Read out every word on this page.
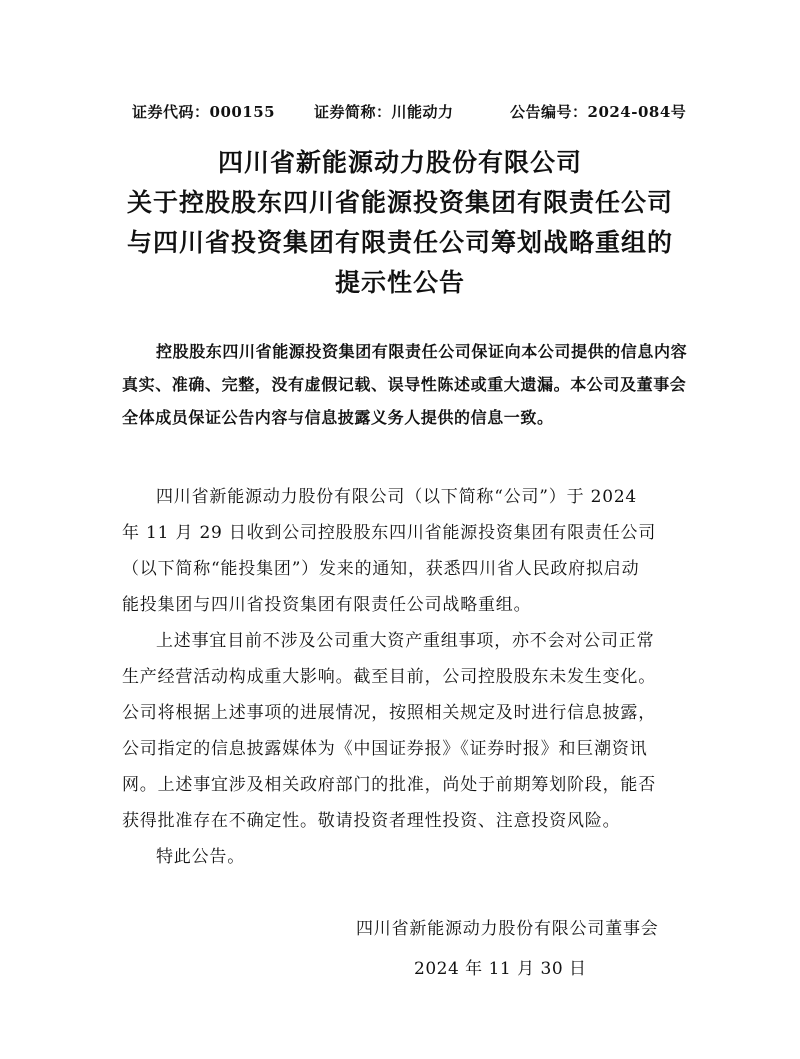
证券代码：000155	证券简称：川能动力	公告编号：2024-084号
四川省新能源动力股份有限公司
关于控股股东四川省能源投资集团有限责任公司
与四川省投资集团有限责任公司筹划战略重组的
提示性公告
控股股东四川省能源投资集团有限责任公司保证向本公司提供的信息内容
真实、准确、完整，没有虚假记载、误导性陈述或重大遗漏。本公司及董事会
全体成员保证公告内容与信息披露义务人提供的信息一致。
四川省新能源动力股份有限公司（以下简称“公司”）于 2024
年 11 月 29 日收到公司控股股东四川省能源投资集团有限责任公司
（以下简称“能投集团”）发来的通知，获悉四川省人民政府拟启动
能投集团与四川省投资集团有限责任公司战略重组。
上述事宜目前不涉及公司重大资产重组事项，亦不会对公司正常
生产经营活动构成重大影响。截至目前，公司控股股东未发生变化。
公司将根据上述事项的进展情况，按照相关规定及时进行信息披露，
公司指定的信息披露媒体为《中国证券报》《证券时报》和巨潮资讯
网。上述事宜涉及相关政府部门的批准，尚处于前期筹划阶段，能否
获得批准存在不确定性。敬请投资者理性投资、注意投资风险。
特此公告。
四川省新能源动力股份有限公司董事会
2024 年 11 月 30 日
